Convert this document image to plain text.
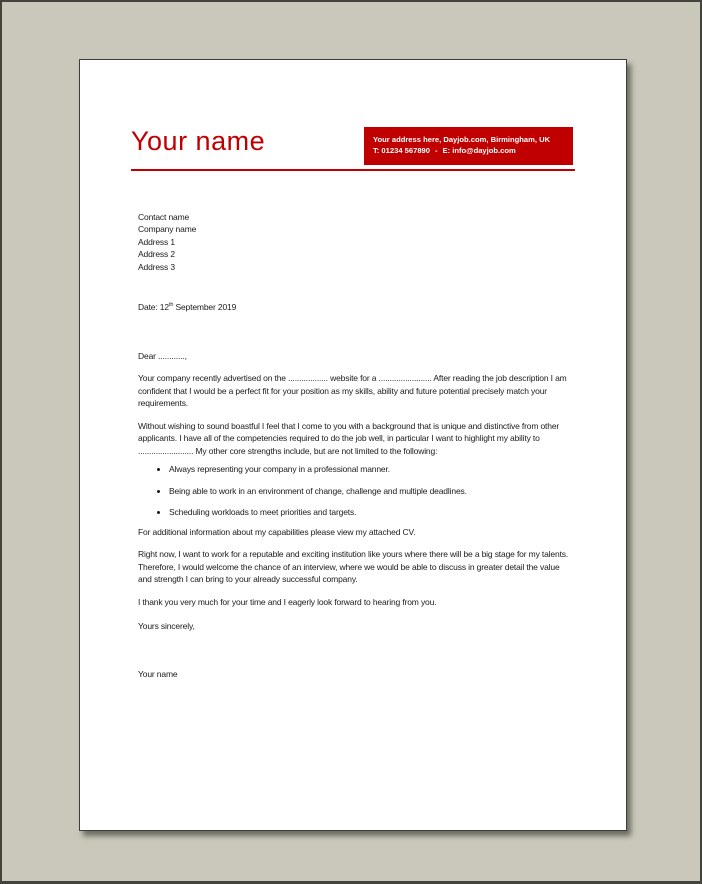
Your name	Your address here, Dayjob.com, Birmingham, UK
T: 01234 567890 - E: info@dayjob.com
Contact name
Company name
Address 1
Address 2
Address 3

Date: 12th September 2019

Dear ............,

Your company recently advertised on the .................. website for a ........................ After reading the job description I am confident that I would be a perfect fit for your position as my skills, ability and future potential precisely match your requirements.

Without wishing to sound boastful I feel that I come to you with a background that is unique and distinctive from other applicants. I have all of the competencies required to do the job well, in particular I want to highlight my ability to ......................... My other core strengths include, but are not limited to the following:

• Always representing your company in a professional manner.
• Being able to work in an environment of change, challenge and multiple deadlines.
• Scheduling workloads to meet priorities and targets.

For additional information about my capabilities please view my attached CV.

Right now, I want to work for a reputable and exciting institution like yours where there will be a big stage for my talents. Therefore, I would welcome the chance of an interview, where we would be able to discuss in greater detail the value and strength I can bring to your already successful company.

I thank you very much for your time and I eagerly look forward to hearing from you.

Yours sincerely,

Your name
